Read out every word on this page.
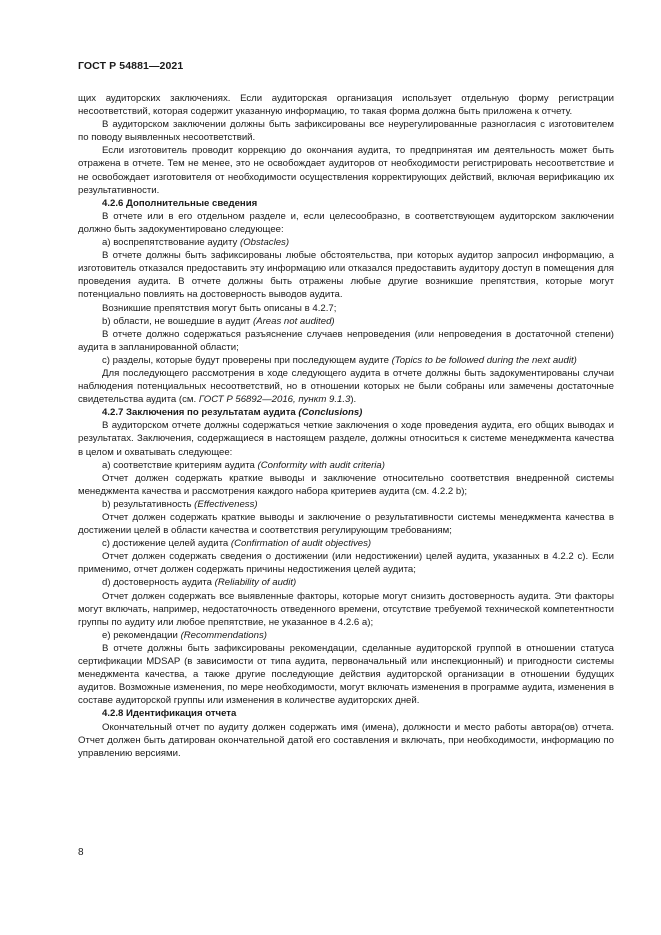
ГОСТ Р 54881—2021

щих аудиторских заключениях. Если аудиторская организация использует отдельную форму регистрации несоответствий, которая содержит указанную информацию, то такая форма должна быть приложена к отчету.

В аудиторском заключении должны быть зафиксированы все неурегулированные разногласия с изготовителем по поводу выявленных несоответствий.

Если изготовитель проводит коррекцию до окончания аудита, то предпринятая им деятельность может быть отражена в отчете. Тем не менее, это не освобождает аудиторов от необходимости регистрировать несоответствие и не освобождает изготовителя от необходимости осуществления корректирующих действий, включая верификацию их результативности.

4.2.6 Дополнительные сведения

В отчете или в его отдельном разделе и, если целесообразно, в соответствующем аудиторском заключении должно быть задокументировано следующее:

а) воспрепятствование аудиту (Obstacles)

В отчете должны быть зафиксированы любые обстоятельства, при которых аудитор запросил информацию, а изготовитель отказался предоставить эту информацию или отказался предоставить аудитору доступ в помещения для проведения аудита. В отчете должны быть отражены любые другие возникшие препятствия, которые могут потенциально повлиять на достоверность выводов аудита.

Возникшие препятствия могут быть описаны в 4.2.7;

b) области, не вошедшие в аудит (Areas not audited)

В отчете должно содержаться разъяснение случаев непроведения (или непроведения в достаточной степени) аудита в запланированной области;

с) разделы, которые будут проверены при последующем аудите (Topics to be followed during the next audit)

Для последующего рассмотрения в ходе следующего аудита в отчете должны быть задокументированы случаи наблюдения потенциальных несоответствий, но в отношении которых не были собраны или замечены достаточные свидетельства аудита (см. ГОСТ Р 56892—2016, пункт 9.1.3).

4.2.7 Заключения по результатам аудита (Conclusions)

В аудиторском отчете должны содержаться четкие заключения о ходе проведения аудита, его общих выводах и результатах. Заключения, содержащиеся в настоящем разделе, должны относиться к системе менеджмента качества в целом и охватывать следующее:

а) соответствие критериям аудита (Conformity with audit criteria)

Отчет должен содержать краткие выводы и заключение относительно соответствия внедренной системы менеджмента качества и рассмотрения каждого набора критериев аудита (см. 4.2.2 b);

b) результативность (Effectiveness)

Отчет должен содержать краткие выводы и заключение о результативности системы менеджмента качества в достижении целей в области качества и соответствия регулирующим требованиям;

с) достижение целей аудита (Confirmation of audit objectives)

Отчет должен содержать сведения о достижении (или недостижении) целей аудита, указанных в 4.2.2 с). Если применимо, отчет должен содержать причины недостижения целей аудита;

d) достоверность аудита (Reliability of audit)

Отчет должен содержать все выявленные факторы, которые могут снизить достоверность аудита. Эти факторы могут включать, например, недостаточность отведенного времени, отсутствие требуемой технической компетентности группы по аудиту или любое препятствие, не указанное в 4.2.6 а);

е) рекомендации (Recommendations)

В отчете должны быть зафиксированы рекомендации, сделанные аудиторской группой в отношении статуса сертификации MDSAP (в зависимости от типа аудита, первоначальный или инспекционный) и пригодности системы менеджмента качества, а также другие последующие действия аудиторской организации в отношении будущих аудитов. Возможные изменения, по мере необходимости, могут включать изменения в программе аудита, изменения в составе аудиторской группы или изменения в количестве аудиторских дней.

4.2.8 Идентификация отчета

Окончательный отчет по аудиту должен содержать имя (имена), должности и место работы автора(ов) отчета. Отчет должен быть датирован окончательной датой его составления и включать, при необходимости, информацию по управлению версиями.

8
